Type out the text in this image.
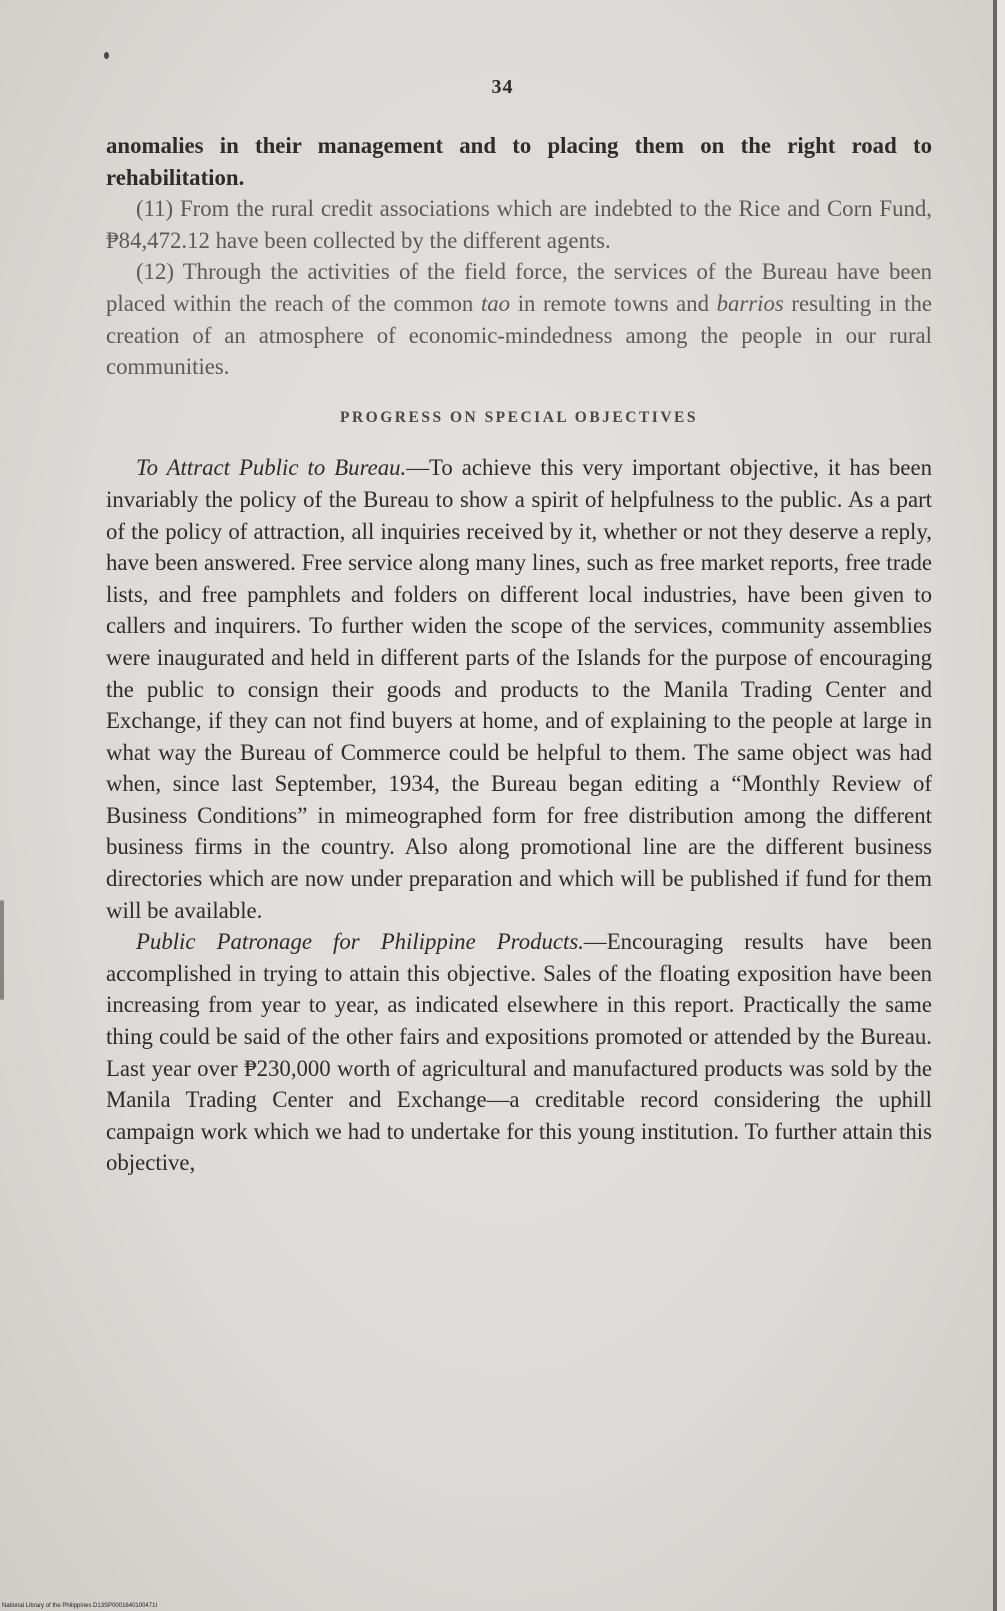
34

anomalies in their management and to placing them on the right road to rehabilitation.

(11) From the rural credit associations which are indebted to the Rice and Corn Fund, ₱84,472.12 have been collected by the different agents.

(12) Through the activities of the field force, the services of the Bureau have been placed within the reach of the common tao in remote towns and barrios resulting in the creation of an atmosphere of economic-mindedness among the people in our rural communities.

PROGRESS ON SPECIAL OBJECTIVES

To Attract Public to Bureau.—To achieve this very important objective, it has been invariably the policy of the Bureau to show a spirit of helpfulness to the public. As a part of the policy of attraction, all inquiries received by it, whether or not they deserve a reply, have been answered. Free service along many lines, such as free market reports, free trade lists, and free pamphlets and folders on different local industries, have been given to callers and inquirers. To further widen the scope of the services, community assemblies were inaugurated and held in different parts of the Islands for the purpose of encouraging the public to consign their goods and products to the Manila Trading Center and Exchange, if they can not find buyers at home, and of explaining to the people at large in what way the Bureau of Commerce could be helpful to them. The same object was had when, since last September, 1934, the Bureau began editing a “Monthly Review of Business Conditions” in mimeographed form for free distribution among the different business firms in the country. Also along promotional line are the different business directories which are now under preparation and which will be published if fund for them will be available.

Public Patronage for Philippine Products.—Encouraging results have been accomplished in trying to attain this objective. Sales of the floating exposition have been increasing from year to year, as indicated elsewhere in this report. Practically the same thing could be said of the other fairs and expositions promoted or attended by the Bureau. Last year over ₱230,000 worth of agricultural and manufactured products was sold by the Manila Trading Center and Exchange—a creditable record considering the uphill campaign work which we had to undertake for this young institution. To further attain this objective,

National Library of the Philippines D13SP0001640100471I
